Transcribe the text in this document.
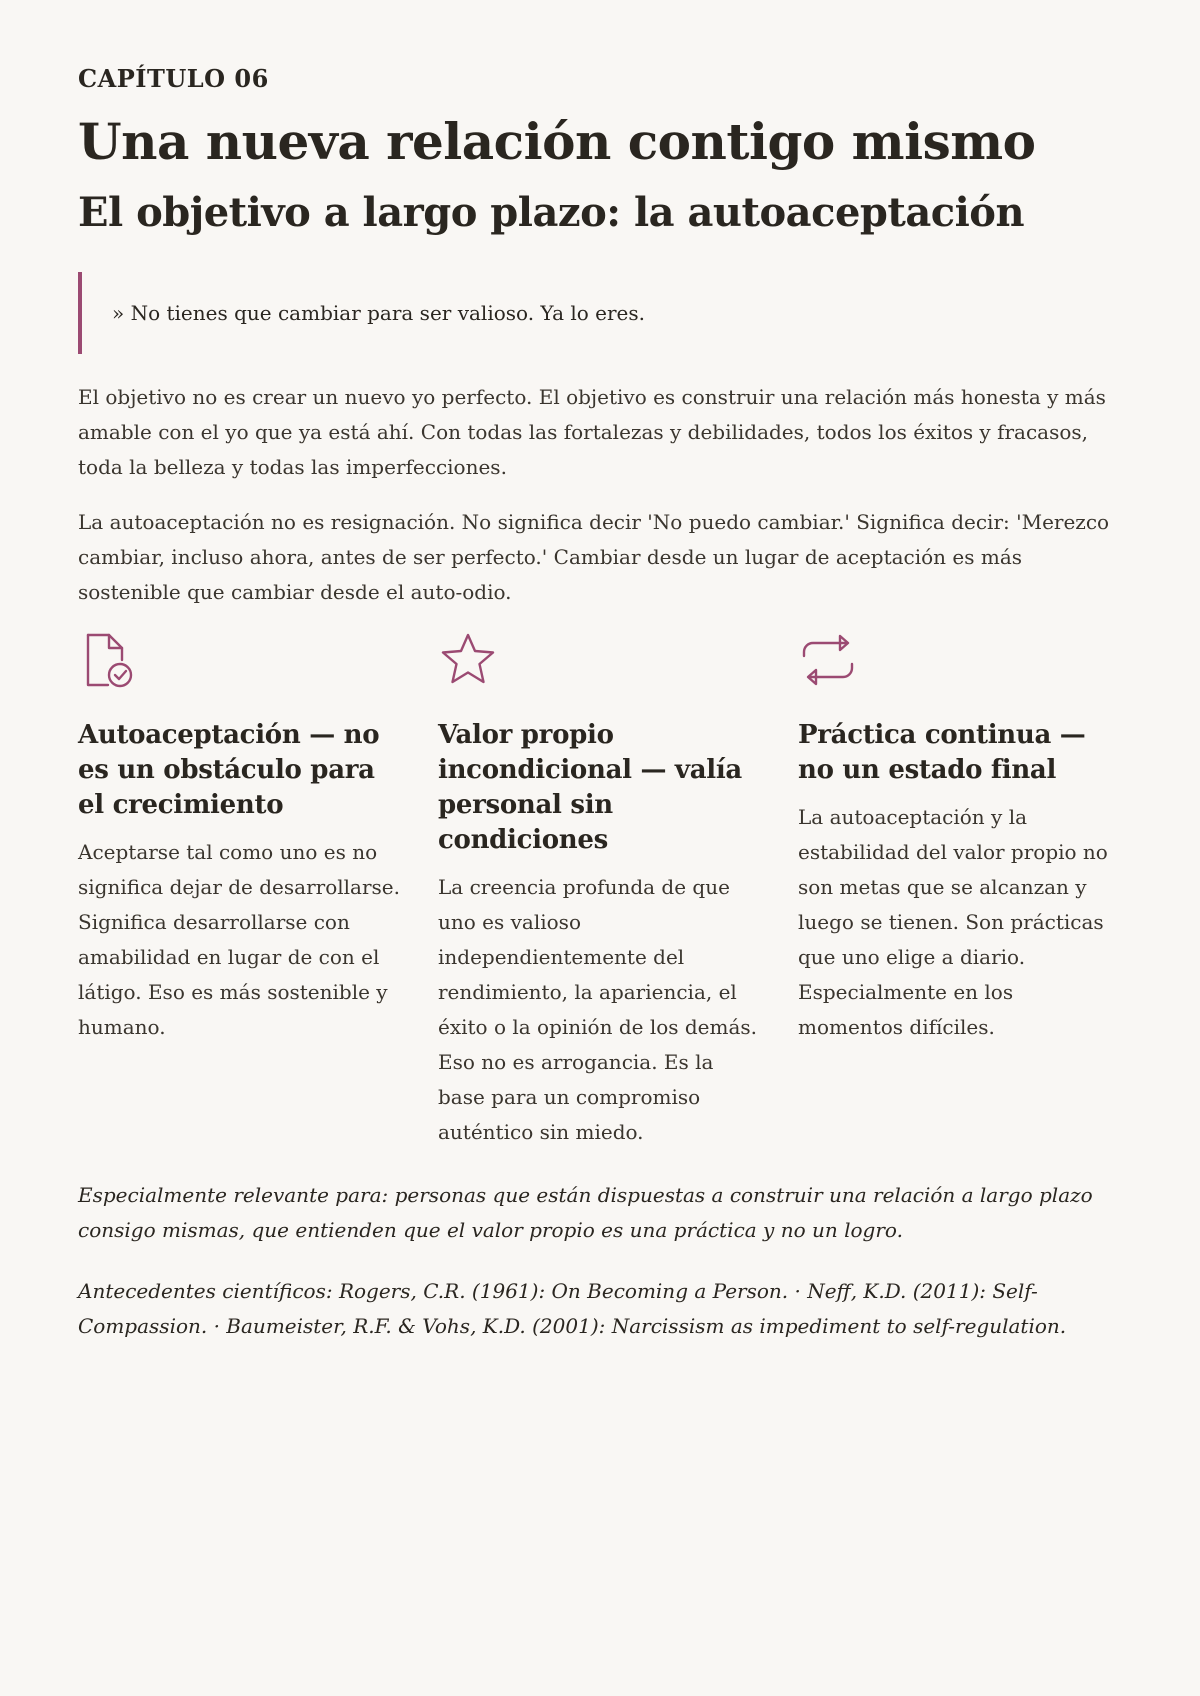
CAPÍTULO 06
Una nueva relación contigo mismo
El objetivo a largo plazo: la autoaceptación
» No tienes que cambiar para ser valioso. Ya lo eres.

El objetivo no es crear un nuevo yo perfecto. El objetivo es construir una relación más honesta y más amable con el yo que ya está ahí. Con todas las fortalezas y debilidades, todos los éxitos y fracasos, toda la belleza y todas las imperfecciones.

La autoaceptación no es resignación. No significa decir 'No puedo cambiar.' Significa decir: 'Merezco cambiar, incluso ahora, antes de ser perfecto.' Cambiar desde un lugar de aceptación es más sostenible que cambiar desde el auto-odio.

Autoaceptación — no es un obstáculo para el crecimiento
Aceptarse tal como uno es no significa dejar de desarrollarse. Significa desarrollarse con amabilidad en lugar de con el látigo. Eso es más sostenible y humano.
Valor propio incondicional — valía personal sin condiciones
La creencia profunda de que uno es valioso independientemente del rendimiento, la apariencia, el éxito o la opinión de los demás. Eso no es arrogancia. Es la base para un compromiso auténtico sin miedo.
Práctica continua — no un estado final
La autoaceptación y la estabilidad del valor propio no son metas que se alcanzan y luego se tienen. Son prácticas que uno elige a diario. Especialmente en los momentos difíciles.

Especialmente relevante para: personas que están dispuestas a construir una relación a largo plazo consigo mismas, que entienden que el valor propio es una práctica y no un logro.

Antecedentes científicos: Rogers, C.R. (1961): On Becoming a Person. · Neff, K.D. (2011): Self-Compassion. · Baumeister, R.F. & Vohs, K.D. (2001): Narcissism as impediment to self-regulation.
